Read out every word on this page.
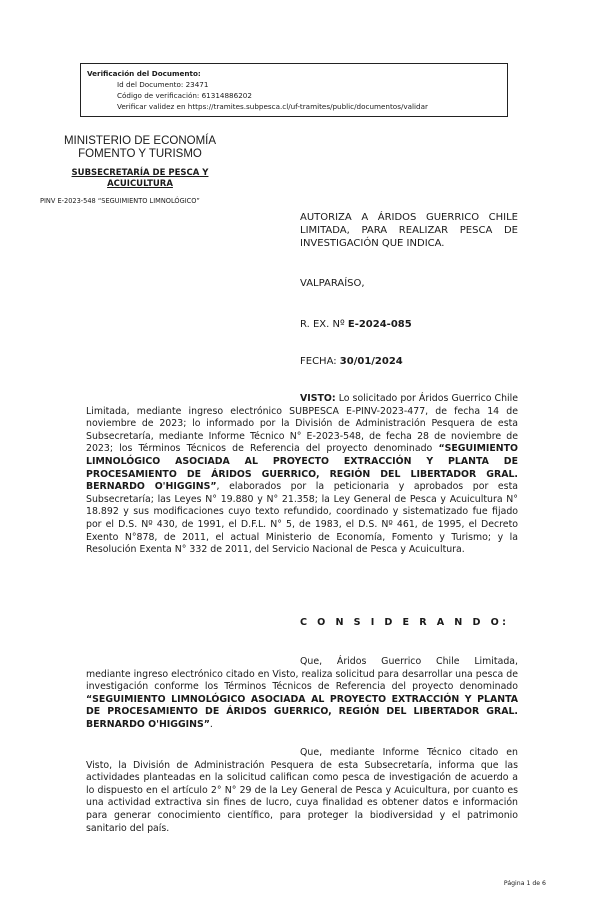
Verificación del Documento:
• Id del Documento: 23471
• Código de verificación: 61314886202
• Verificar validez en https://tramites.subpesca.cl/uf-tramites/public/documentos/validar
MINISTERIO DE ECONOMÍA
FOMENTO Y TURISMO
SUBSECRETARÍA DE PESCA Y
ACUICULTURA
PINV E-2023-548 “SEGUIMIENTO LIMNOLÓGICO”
AUTORIZA A ÁRIDOS GUERRICO CHILE LIMITADA, PARA REALIZAR PESCA DE INVESTIGACIÓN QUE INDICA.
VALPARAÍSO,
R. EX. Nº E-2024-085
FECHA: 30/01/2024
VISTO: Lo solicitado por Áridos Guerrico Chile Limitada, mediante ingreso electrónico SUBPESCA E-PINV-2023-477, de fecha 14 de noviembre de 2023; lo informado por la División de Administración Pesquera de esta Subsecretaría, mediante Informe Técnico N° E-2023-548, de fecha 28 de noviembre de 2023; los Términos Técnicos de Referencia del proyecto denominado “SEGUIMIENTO LIMNOLÓGICO ASOCIADA AL PROYECTO EXTRACCIÓN Y PLANTA DE PROCESAMIENTO DE ÁRIDOS GUERRICO, REGIÓN DEL LIBERTADOR GRAL. BERNARDO O'HIGGINS”, elaborados por la peticionaria y aprobados por esta Subsecretaría; las Leyes N° 19.880 y N° 21.358; la Ley General de Pesca y Acuicultura N° 18.892 y sus modificaciones cuyo texto refundido, coordinado y sistematizado fue fijado por el D.S. Nº 430, de 1991, el D.F.L. N° 5, de 1983, el D.S. Nº 461, de 1995, el Decreto Exento N°878, de 2011, el actual Ministerio de Economía, Fomento y Turismo; y la Resolución Exenta N° 332 de 2011, del Servicio Nacional de Pesca y Acuicultura.
C O N S I D E R A N D O:
Que, Áridos Guerrico Chile Limitada, mediante ingreso electrónico citado en Visto, realiza solicitud para desarrollar una pesca de investigación conforme los Términos Técnicos de Referencia del proyecto denominado “SEGUIMIENTO LIMNOLÓGICO ASOCIADA AL PROYECTO EXTRACCIÓN Y PLANTA DE PROCESAMIENTO DE ÁRIDOS GUERRICO, REGIÓN DEL LIBERTADOR GRAL. BERNARDO O'HIGGINS”.
Que, mediante Informe Técnico citado en Visto, la División de Administración Pesquera de esta Subsecretaría, informa que las actividades planteadas en la solicitud califican como pesca de investigación de acuerdo a lo dispuesto en el artículo 2° N° 29 de la Ley General de Pesca y Acuicultura, por cuanto es una actividad extractiva sin fines de lucro, cuya finalidad es obtener datos e información para generar conocimiento científico, para proteger la biodiversidad y el patrimonio sanitario del país.
Página 1 de 6
